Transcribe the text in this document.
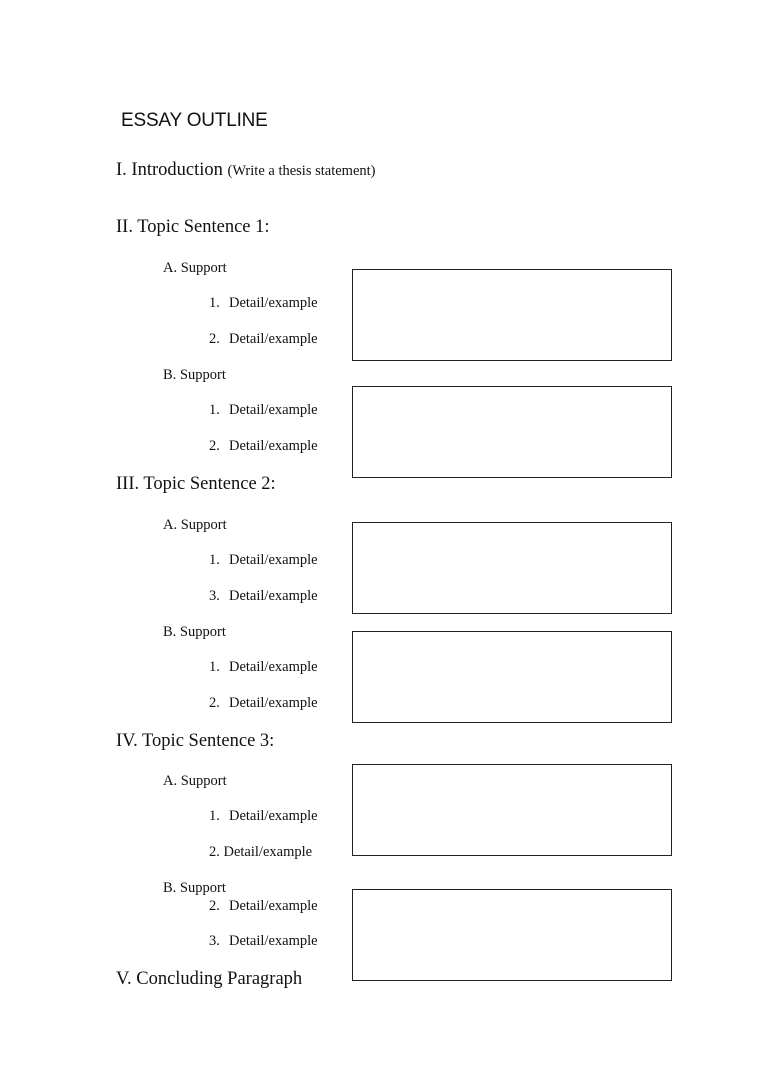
ESSAY OUTLINE
I. Introduction (Write a thesis statement)
II. Topic Sentence 1:
A. Support
1. Detail/example
2. Detail/example
B. Support
1. Detail/example
2. Detail/example
III. Topic Sentence 2:
A. Support
1. Detail/example
3. Detail/example
B. Support
1. Detail/example
2. Detail/example
IV. Topic Sentence 3:
A. Support
1. Detail/example
2. Detail/example
B. Support
2. Detail/example
3. Detail/example
V. Concluding Paragraph
